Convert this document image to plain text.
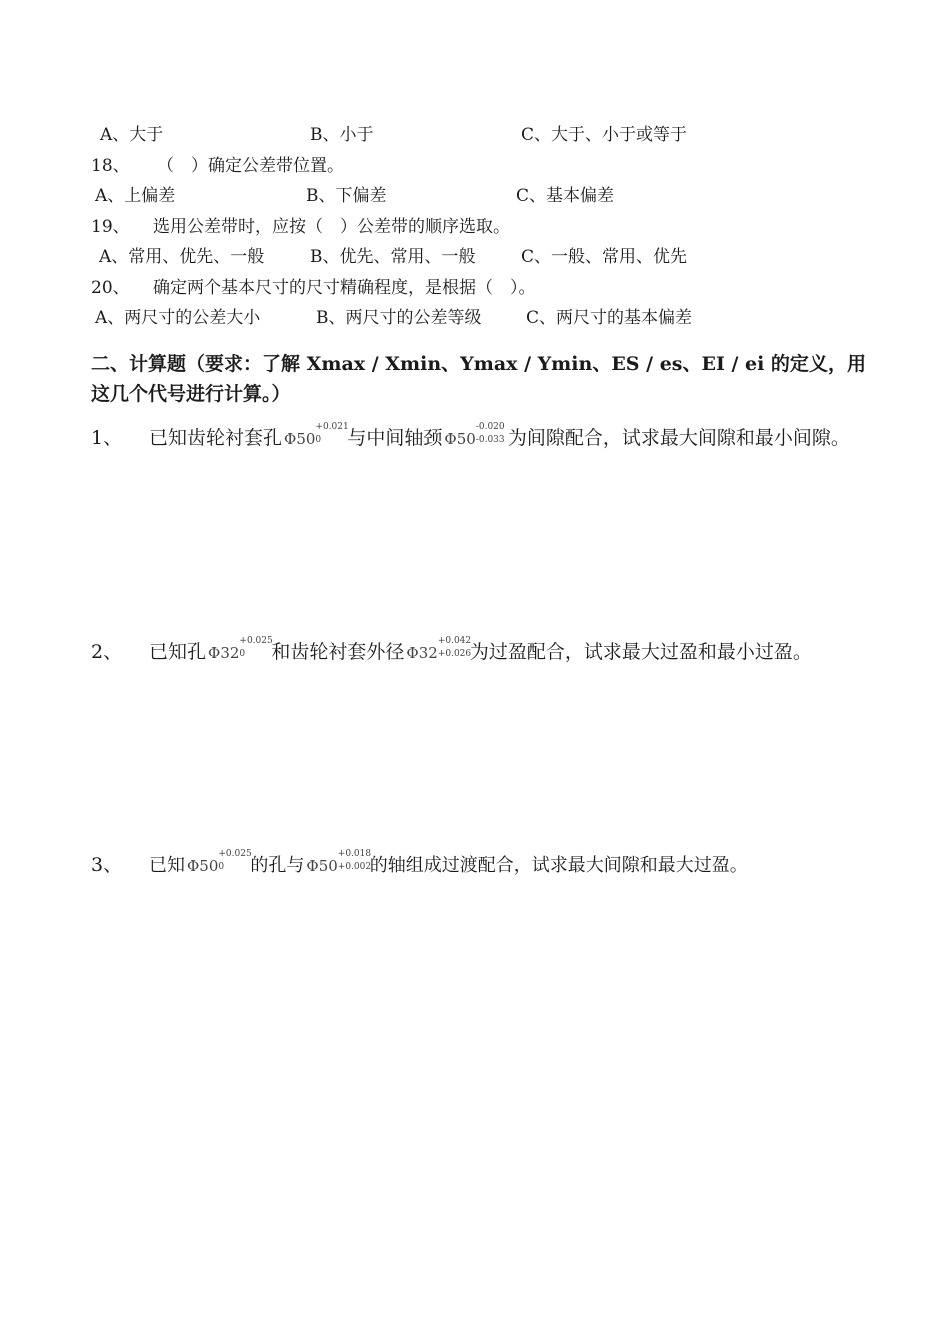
A、大于	B、小于	C、大于、小于或等于
18、 （　）确定公差带位置。
A、上偏差	B、下偏差	C、基本偏差
19、 选用公差带时，应按（　）公差带的顺序选取。
A、常用、优先、一般	B、优先、常用、一般	C、一般、常用、优先
20、 确定两个基本尺寸的尺寸精确程度，是根据（　）。
A、两尺寸的公差大小	B、两尺寸的公差等级	C、两尺寸的基本偏差
二、计算题（要求：了解 Xmax / Xmin、Ymax / Ymin、ES / es、EI / ei 的定义，用这几个代号进行计算。）
1、 已知齿轮衬套孔 Φ50
+0.021
0 与中间轴颈 Φ50
-0.020
-0.033 为间隙配合，试求最大间隙和最小间隙。
2、 已知孔 Φ32
+0.025
0 和齿轮衬套外径 Φ32
+0.042
+0.026
为过盈配合，试求最大过盈和最小过盈。
3、 已知 Φ50
+0.025
0 的孔与 Φ50
+0.018
+0.002
的轴组成过渡配合，试求最大间隙和最大过盈。
